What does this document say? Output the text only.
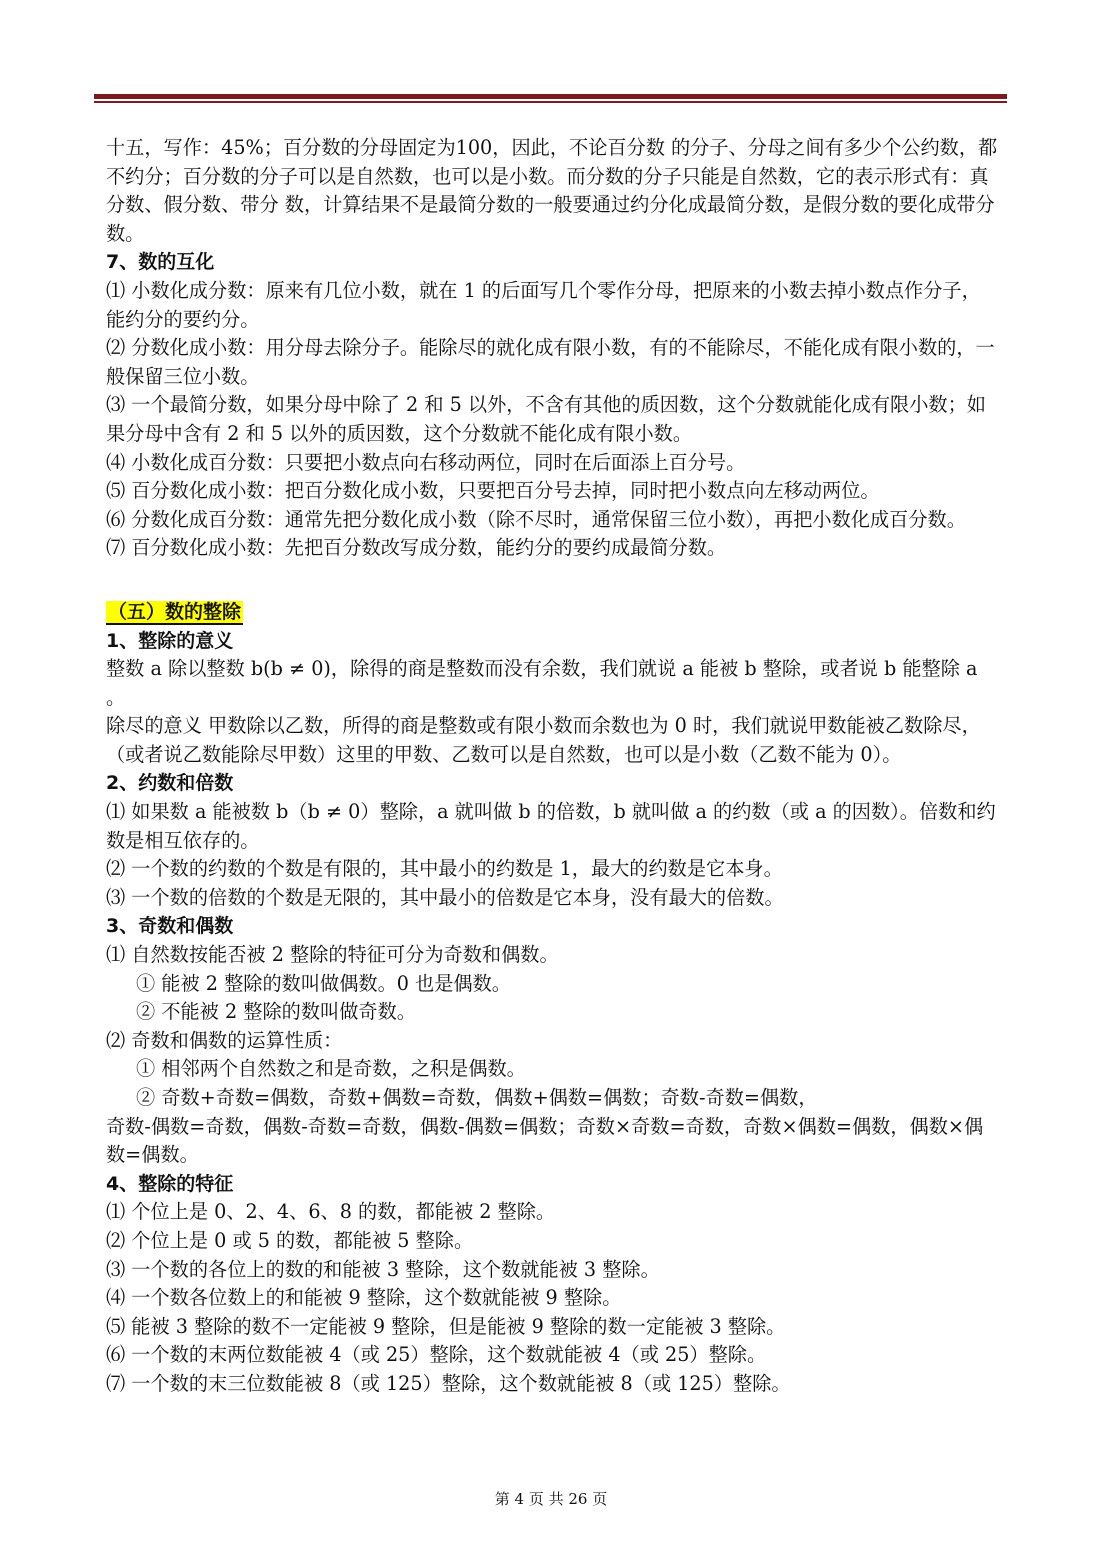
十五，写作：45%；百分数的分母固定为100，因此，不论百分数 的分子、分母之间有多少个公约数，都不约分；百分数的分子可以是自然数，也可以是小数。而分数的分子只能是自然数，它的表示形式有：真分数、假分数、带分 数，计算结果不是最简分数的一般要通过约分化成最简分数，是假分数的要化成带分数。

7、数的互化

⑴ 小数化成分数：原来有几位小数，就在 1 的后面写几个零作分母，把原来的小数去掉小数点作分子，能约分的要约分。

⑵ 分数化成小数：用分母去除分子。能除尽的就化成有限小数，有的不能除尽，不能化成有限小数的，一般保留三位小数。

⑶ 一个最简分数，如果分母中除了 2 和 5 以外，不含有其他的质因数，这个分数就能化成有限小数；如果分母中含有 2 和 5 以外的质因数，这个分数就不能化成有限小数。

⑷ 小数化成百分数：只要把小数点向右移动两位，同时在后面添上百分号。

⑸ 百分数化成小数：把百分数化成小数，只要把百分号去掉，同时把小数点向左移动两位。

⑹ 分数化成百分数：通常先把分数化成小数（除不尽时，通常保留三位小数），再把小数化成百分数。

⑺ 百分数化成小数：先把百分数改写成分数，能约分的要约成最简分数。

（五）数的整除

1、整除的意义

整数 a 除以整数 b(b ≠ 0)，除得的商是整数而没有余数，我们就说 a 能被 b 整除，或者说 b 能整除 a 。

除尽的意义 甲数除以乙数，所得的商是整数或有限小数而余数也为 0 时，我们就说甲数能被乙数除尽，（或者说乙数能除尽甲数）这里的甲数、乙数可以是自然数，也可以是小数（乙数不能为 0）。

2、约数和倍数

⑴ 如果数 a 能被数 b（b ≠ 0）整除，a 就叫做 b 的倍数，b 就叫做 a 的约数（或 a 的因数）。倍数和约数是相互依存的。

⑵ 一个数的约数的个数是有限的，其中最小的约数是 1，最大的约数是它本身。

⑶ 一个数的倍数的个数是无限的，其中最小的倍数是它本身，没有最大的倍数。

3、奇数和偶数

⑴ 自然数按能否被 2 整除的特征可分为奇数和偶数。

① 能被 2 整除的数叫做偶数。0 也是偶数。

② 不能被 2 整除的数叫做奇数。

⑵ 奇数和偶数的运算性质：

① 相邻两个自然数之和是奇数，之积是偶数。

② 奇数+奇数=偶数，奇数+偶数=奇数，偶数+偶数=偶数；奇数-奇数=偶数，

奇数-偶数=奇数，偶数-奇数=奇数，偶数-偶数=偶数；奇数×奇数=奇数，奇数×偶数=偶数，偶数×偶数=偶数。

4、整除的特征

⑴ 个位上是 0、2、4、6、8 的数，都能被 2 整除。

⑵ 个位上是 0 或 5 的数，都能被 5 整除。

⑶ 一个数的各位上的数的和能被 3 整除，这个数就能被 3 整除。

⑷ 一个数各位数上的和能被 9 整除，这个数就能被 9 整除。

⑸ 能被 3 整除的数不一定能被 9 整除，但是能被 9 整除的数一定能被 3 整除。

⑹ 一个数的末两位数能被 4（或 25）整除，这个数就能被 4（或 25）整除。

⑺ 一个数的末三位数能被 8（或 125）整除，这个数就能被 8（或 125）整除。

第 4 页 共 26 页
